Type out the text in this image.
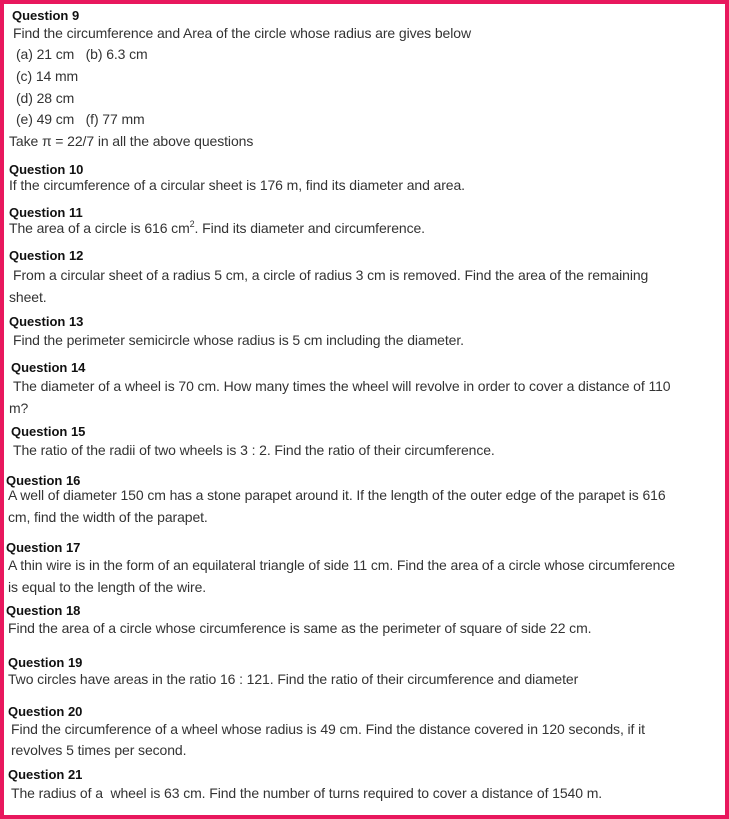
Question 9
Find the circumference and Area of the circle whose radius are gives below
(a) 21 cm   (b) 6.3 cm
(c) 14 mm
(d) 28 cm
(e) 49 cm   (f) 77 mm
Take π = 22/7 in all the above questions
Question 10
If the circumference of a circular sheet is 176 m, find its diameter and area.
Question 11
The area of a circle is 616 $cm^2$. Find its diameter and circumference.
Question 12
From a circular sheet of a radius 5 cm, a circle of radius 3 cm is removed. Find the area of the remaining
sheet.
Question 13
Find the perimeter semicircle whose radius is 5 cm including the diameter.
Question 14
The diameter of a wheel is 70 cm. How many times the wheel will revolve in order to cover a distance of 110
m?
Question 15
The ratio of the radii of two wheels is 3 : 2. Find the ratio of their circumference.
Question 16
A well of diameter 150 cm has a stone parapet around it. If the length of the outer edge of the parapet is 616
cm, find the width of the parapet.
Question 17
A thin wire is in the form of an equilateral triangle of side 11 cm. Find the area of a circle whose circumference
is equal to the length of the wire.
Question 18
Find the area of a circle whose circumference is same as the perimeter of square of side 22 cm.
Question 19
Two circles have areas in the ratio 16 : 121. Find the ratio of their circumference and diameter
Question 20
Find the circumference of a wheel whose radius is 49 cm. Find the distance covered in 120 seconds, if it
revolves 5 times per second.
Question 21
The radius of a  wheel is 63 cm. Find the number of turns required to cover a distance of 1540 m.
